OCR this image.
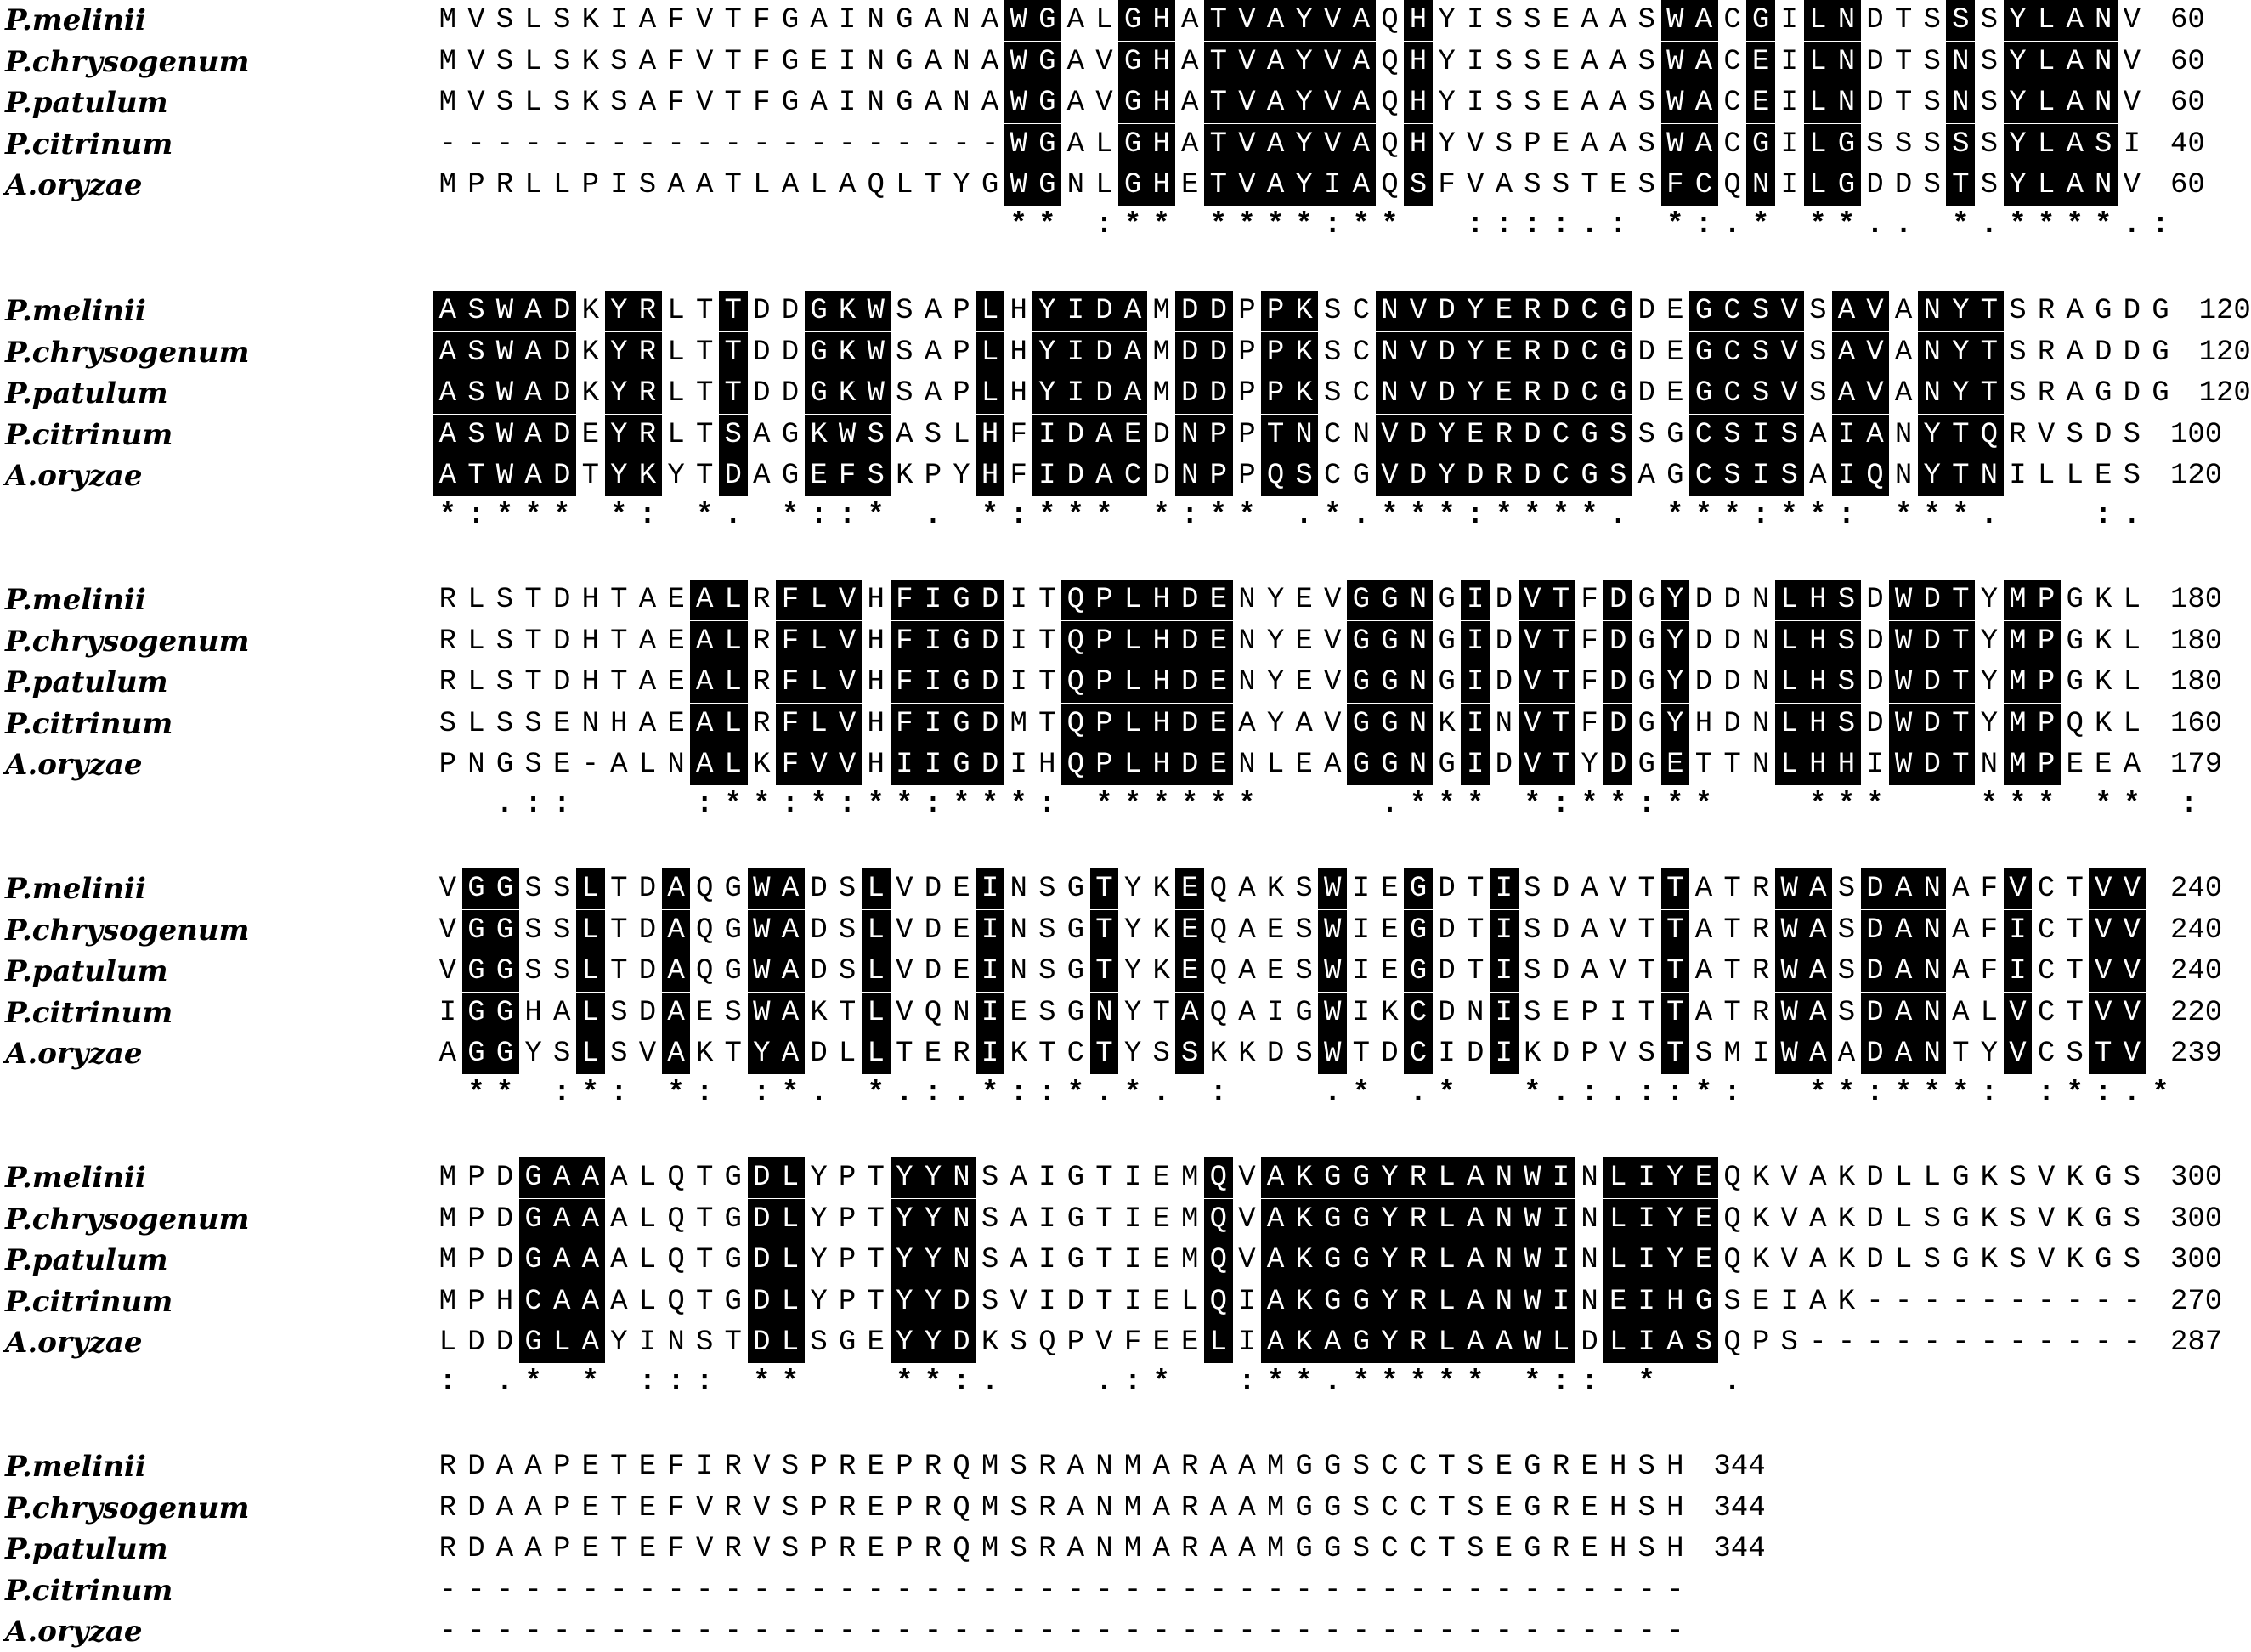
P.melinii	M V S L S K I A F V T F G A I N G A N A W G A L G H A T V A Y V A Q H Y I S S E A A S W A C G I L N D T S S S Y L A N V 60
P.chrysogenum	M V S L S K S A F V T F G E I N G A N A W G A V G H A T V A Y V A Q H Y I S S E A A S W A C E I L N D T S N S Y L A N V 60
P.patulum	M V S L S K S A F V T F G A I N G A N A W G A V G H A T V A Y V A Q H Y I S S E A A S W A C E I L N D T S N S Y L A N V 60
P.citrinum	- - - - - - - - - - - - - - - - - - - - W G A L G H A T V A Y V A Q H Y V S P E A A S W A C G I L G S S S S S Y L A S I 40
A.oryzae	M P R L L P I S A A T L A L A Q L T Y G W G N L G H E T V A Y I A Q S F V A S S T E S F C Q N I L G D D S T S Y L A N V 60
* * : * * * * * * : * * : : : : . : * : . * * * . . * . * * * * . :
P.melinii	A S W A D K Y R L T T D D G K W S A P L H Y I D A M D D P P K S C N V D Y E R D C G D E G C S V S A V A N Y T S R A G D G 120
P.chrysogenum	A S W A D K Y R L T T D D G K W S A P L H Y I D A M D D P P K S C N V D Y E R D C G D E G C S V S A V A N Y T S R A D D G 120
P.patulum	A S W A D K Y R L T T D D G K W S A P L H Y I D A M D D P P K S C N V D Y E R D C G D E G C S V S A V A N Y T S R A G D G 120
P.citrinum	A S W A D E Y R L T S A G K W S A S L H F I D A E D N P P T N C N V D Y E R D C G S S G C S I S A I A N Y T Q R V S D S 100
A.oryzae	A T W A D T Y K Y T D A G E F S K P Y H F I D A C D N P P Q S C G V D Y D R D C G S A G C S I S A I Q N Y T N I L L E S 120
* : * * * * : * . * : : * . * : * * * * : * * . * . * * * : * * * * . * * * : * * : * * * .	: .
P.melinii	R L S T D H T A E A L R F L V H F I G D I T Q P L H D E N Y E V G G N G I D V T F D G Y D D N L H S D W D T Y M P G K L 180
P.chrysogenum	R L S T D H T A E A L R F L V H F I G D I T Q P L H D E N Y E V G G N G I D V T F D G Y D D N L H S D W D T Y M P G K L 180
P.patulum	R L S T D H T A E A L R F L V H F I G D I T Q P L H D E N Y E V G G N G I D V T F D G Y D D N L H S D W D T Y M P G K L 180
P.citrinum	S L S S E N H A E A L R F L V H F I G D M T Q P L H D E A Y A V G G N K I N V T F D G Y H D N L H S D W D T Y M P Q K L 160
A.oryzae	P N G S E - A L N A L K F V V H I I G D I H Q P L H D E N L E A G G N G I D V T Y D G E T T N L H H I W D T N M P E E A 179
. : :	: * * : * : * * : * * * : * * * * * *	. * * * * : * * : * *	* * *	* * * * * :
P.melinii	V G G S S L T D A Q G W A D S L V D E I N S G T Y K E Q A K S W I E G D T I S D A V T T A T R W A S D A N A F V C T V V 240
P.chrysogenum	V G G S S L T D A Q G W A D S L V D E I N S G T Y K E Q A E S W I E G D T I S D A V T T A T R W A S D A N A F I C T V V 240
P.patulum	V G G S S L T D A Q G W A D S L V D E I N S G T Y K E Q A E S W I E G D T I S D A V T T A T R W A S D A N A F I C T V V 240
P.citrinum	I G G H A L S D A E S W A K T L V Q N I E S G N Y T A Q A I G W I K C D N I S E P I T T A T R W A S D A N A L V C T V V 220
A.oryzae	A G G Y S L S V A K T Y A D L L T E R I K T C T Y S S K K D S W T D C I D I K D P V S T S M I W A A D A N T Y V C S T V 239
* * : * : * : : * . * . : . * : : * . * . :	. * . * * . : . : : * : * * : * * * : : * : . *
P.melinii	M P D G A A A L Q T G D L Y P T Y Y N S A I G T I E M Q V A K G G Y R L A N W I N L I Y E Q K V A K D L L G K S V K G S 300
P.chrysogenum	M P D G A A A L Q T G D L Y P T Y Y N S A I G T I E M Q V A K G G Y R L A N W I N L I Y E Q K V A K D L S G K S V K G S 300
P.patulum	M P D G A A A L Q T G D L Y P T Y Y N S A I G T I E M Q V A K G G Y R L A N W I N L I Y E Q K V A K D L S G K S V K G S 300
P.citrinum	M P H C A A A L Q T G D L Y P T Y Y D S V I D T I E L Q I A K G G Y R L A N W I N E I H G S E I A K - - - - - - - - - - 270
A.oryzae	L D D G L A Y I N S T D L S G E Y Y D K S Q P V F E E L I A K A G Y R L A A W L D L I A S Q P S - - - - - - - - - - - - 287
: . * * : : : * *	* * : .	. : * : * * . * * * * * * : : * .
P.melinii	R D A A P E T E F I R V S P R E P R Q M S R A N M A R A A M G G S C C T S E G R E H S H 344
P.chrysogenum	R D A A P E T E F V R V S P R E P R Q M S R A N M A R A A M G G S C C T S E G R E H S H 344
P.patulum	R D A A P E T E F V R V S P R E P R Q M S R A N M A R A A M G G S C C T S E G R E H S H 344
P.citrinum	- - - - - - - - - - - - - - - - - - - - - - - - - - - - - - - - - - - - - - - - - - - -
A.oryzae	- - - - - - - - - - - - - - - - - - - - - - - - - - - - - - - - - - - - - - - - - - - -
